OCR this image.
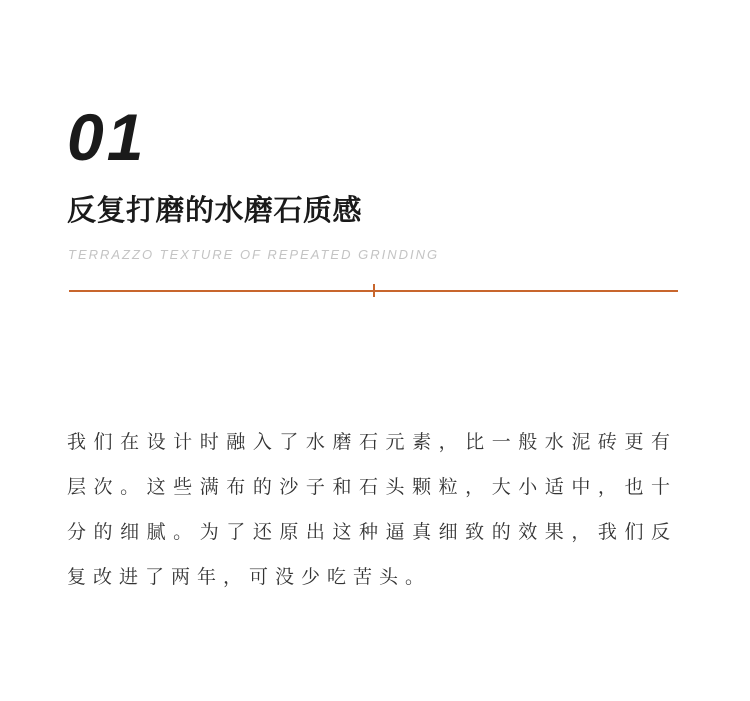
01
反复打磨的水磨石质感

TERRAZZO TEXTURE OF REPEATED GRINDING

我们在设计时融入了水磨石元素，比一般水泥砖更有层次。这些满布的沙子和石头颗粒，大小适中，也十分的细腻。为了还原出这种逼真细致的效果，我们反复改进了两年，可没少吃苦头。
